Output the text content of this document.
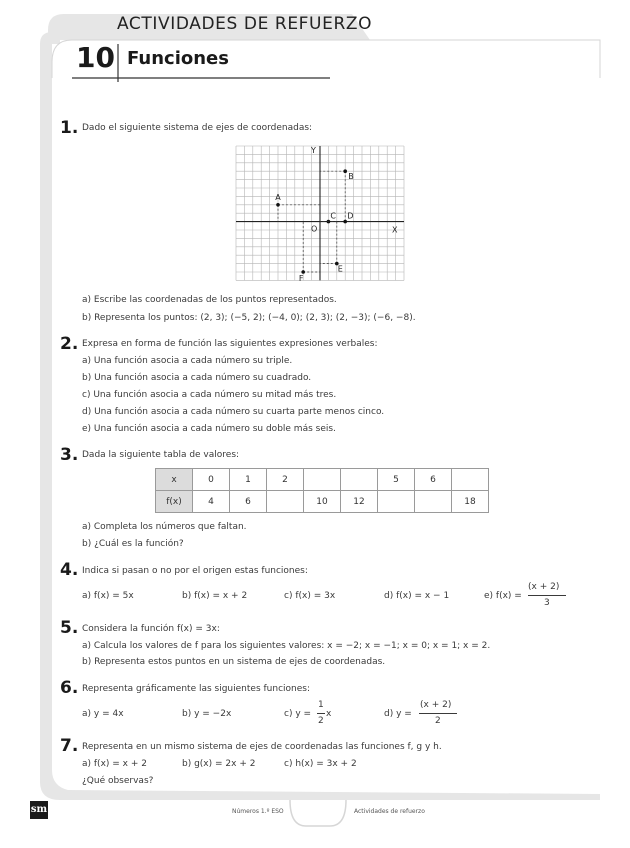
ACTIVIDADES DE REFUERZO
10 Funciones
1. Dado el siguiente sistema de ejes de coordenadas:
Y
X
O
A
B
C D
E
F
a) Escribe las coordenadas de los puntos representados.
b) Representa los puntos: (2, 3); (−5, 2); (−4, 0); (2, 3); (2, −3); (−6, −8).
2. Expresa en forma de función las siguientes expresiones verbales:
a) Una función asocia a cada número su triple.
b) Una función asocia a cada número su cuadrado.
c) Una función asocia a cada número su mitad más tres.
d) Una función asocia a cada número su cuarta parte menos cinco.
e) Una función asocia a cada número su doble más seis.
3. Dada la siguiente tabla de valores:
x	0	1	2			5	6	
f(x)	4	6		10	12			18
a) Completa los números que faltan.
b) ¿Cuál es la función?
4. Indica si pasan o no por el origen estas funciones:
a) f(x) = 5x	b) f(x) = x + 2	c) f(x) = 3x	d) f(x) = x − 1	e) f(x) =
(x + 2)
3
5. Considera la función f(x) = 3x:
a) Calcula los valores de f para los siguientes valores: x = −2; x = −1; x = 0; x = 1; x = 2.
b) Representa estos puntos en un sistema de ejes de coordenadas.
6. Representa gráficamente las siguientes funciones:
a) y = 4x	b) y = −2x	c) y =
1
2
x	d) y =
(x + 2)
2
7. Representa en un mismo sistema de ejes de coordenadas las funciones f, g y h.
a) f(x) = x + 2	b) g(x) = 2x + 2	c) h(x) = 3x + 2
¿Qué observas?
sm	Números 1.º ESO	Actividades de refuerzo
